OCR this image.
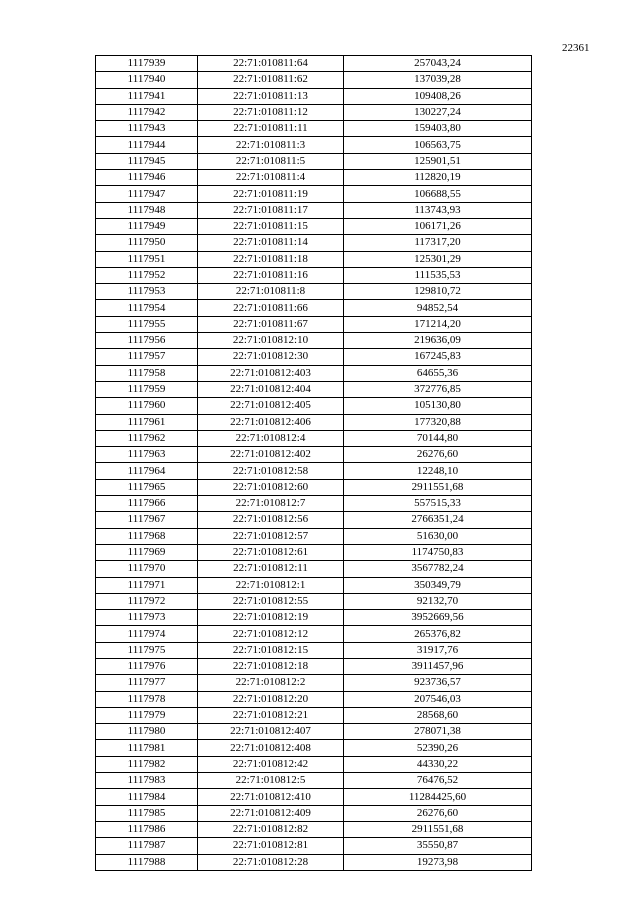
22361
1117939	22:71:010811:64	257043,24
1117940	22:71:010811:62	137039,28
1117941	22:71:010811:13	109408,26
1117942	22:71:010811:12	130227,24
1117943	22:71:010811:11	159403,80
1117944	22:71:010811:3	106563,75
1117945	22:71:010811:5	125901,51
1117946	22:71:010811:4	112820,19
1117947	22:71:010811:19	106688,55
1117948	22:71:010811:17	113743,93
1117949	22:71:010811:15	106171,26
1117950	22:71:010811:14	117317,20
1117951	22:71:010811:18	125301,29
1117952	22:71:010811:16	111535,53
1117953	22:71:010811:8	129810,72
1117954	22:71:010811:66	94852,54
1117955	22:71:010811:67	171214,20
1117956	22:71:010812:10	219636,09
1117957	22:71:010812:30	167245,83
1117958	22:71:010812:403	64655,36
1117959	22:71:010812:404	372776,85
1117960	22:71:010812:405	105130,80
1117961	22:71:010812:406	177320,88
1117962	22:71:010812:4	70144,80
1117963	22:71:010812:402	26276,60
1117964	22:71:010812:58	12248,10
1117965	22:71:010812:60	2911551,68
1117966	22:71:010812:7	557515,33
1117967	22:71:010812:56	2766351,24
1117968	22:71:010812:57	51630,00
1117969	22:71:010812:61	1174750,83
1117970	22:71:010812:11	3567782,24
1117971	22:71:010812:1	350349,79
1117972	22:71:010812:55	92132,70
1117973	22:71:010812:19	3952669,56
1117974	22:71:010812:12	265376,82
1117975	22:71:010812:15	31917,76
1117976	22:71:010812:18	3911457,96
1117977	22:71:010812:2	923736,57
1117978	22:71:010812:20	207546,03
1117979	22:71:010812:21	28568,60
1117980	22:71:010812:407	278071,38
1117981	22:71:010812:408	52390,26
1117982	22:71:010812:42	44330,22
1117983	22:71:010812:5	76476,52
1117984	22:71:010812:410	11284425,60
1117985	22:71:010812:409	26276,60
1117986	22:71:010812:82	2911551,68
1117987	22:71:010812:81	35550,87
1117988	22:71:010812:28	19273,98
